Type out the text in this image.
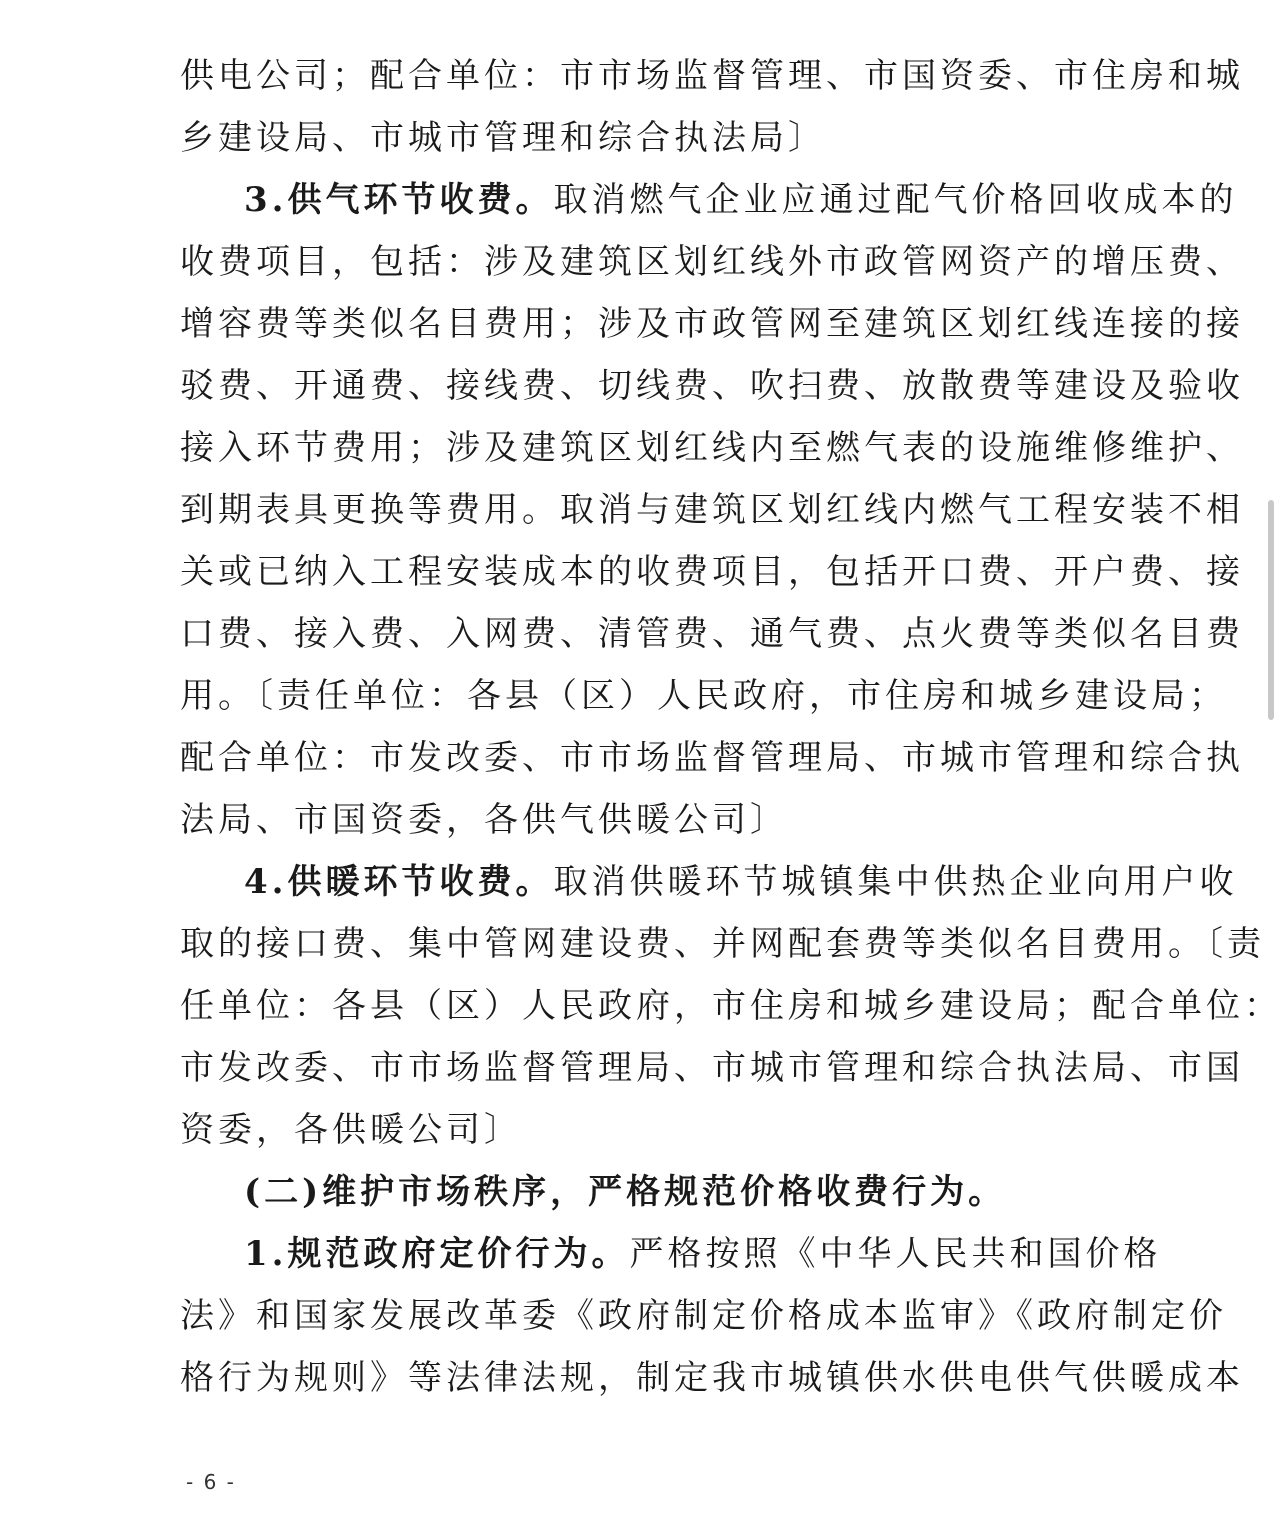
供电公司；配合单位：市市场监督管理、市国资委、市住房和城
乡建设局、市城市管理和综合执法局〕
3.供气环节收费。取消燃气企业应通过配气价格回收成本的
收费项目，包括：涉及建筑区划红线外市政管网资产的增压费、
增容费等类似名目费用；涉及市政管网至建筑区划红线连接的接
驳费、开通费、接线费、切线费、吹扫费、放散费等建设及验收
接入环节费用；涉及建筑区划红线内至燃气表的设施维修维护、
到期表具更换等费用。取消与建筑区划红线内燃气工程安装不相
关或已纳入工程安装成本的收费项目，包括开口费、开户费、接
口费、接入费、入网费、清管费、通气费、点火费等类似名目费
用。〔责任单位：各县（区）人民政府，市住房和城乡建设局；
配合单位：市发改委、市市场监督管理局、市城市管理和综合执
法局、市国资委，各供气供暖公司〕
4.供暖环节收费。取消供暖环节城镇集中供热企业向用户收
取的接口费、集中管网建设费、并网配套费等类似名目费用。〔责
任单位：各县（区）人民政府，市住房和城乡建设局；配合单位：
市发改委、市市场监督管理局、市城市管理和综合执法局、市国
资委，各供暖公司〕
(二)维护市场秩序，严格规范价格收费行为。
1.规范政府定价行为。严格按照《中华人民共和国价格
法》和国家发展改革委《政府制定价格成本监审》《政府制定价
格行为规则》等法律法规，制定我市城镇供水供电供气供暖成本
- 6 -
